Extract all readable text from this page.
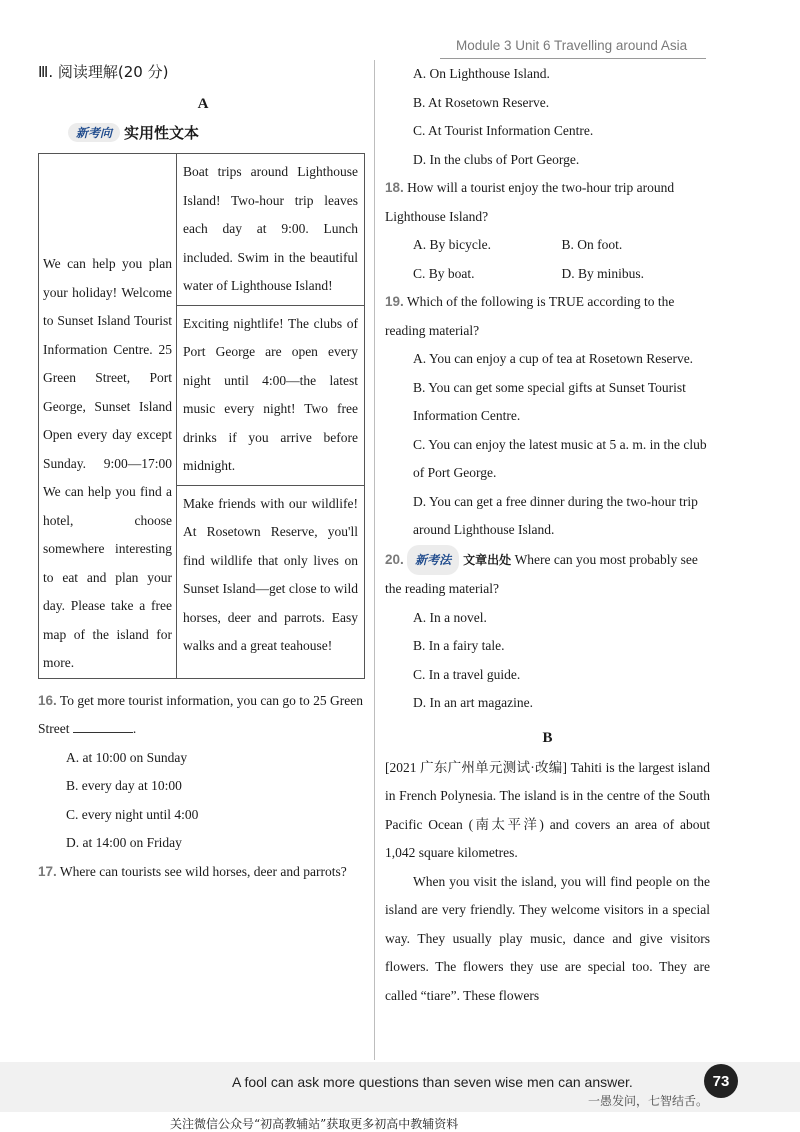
Module 3 Unit 6 Travelling around Asia

Ⅲ. 阅读理解(20 分)

A
新考向 实用性文本
We can help you plan your holiday! Welcome to Sunset Island Tourist Information Centre. 25 Green Street, Port George, Sunset Island Open every day except Sunday. 9:00—17:00 We can help you find a hotel, choose somewhere interesting to eat and plan your day. Please take a free map of the island for more.
Boat trips around Lighthouse Island! Two-hour trip leaves each day at 9:00. Lunch included. Swim in the beautiful water of Lighthouse Island!
Exciting nightlife! The clubs of Port George are open every night until 4:00—the latest music every night! Two free drinks if you arrive before midnight.
Make friends with our wildlife! At Rosetown Reserve, you'll find wildlife that only lives on Sunset Island—get close to wild horses, deer and parrots. Easy walks and a great teahouse!

16. To get more tourist information, you can go to 25 Green Street	.

A. at 10:00 on Sunday
B. every day at 10:00
C. every night until 4:00
D. at 14:00 on Friday

17. Where can tourists see wild horses, deer and parrots?

A. On Lighthouse Island.
B. At Rosetown Reserve.
C. At Tourist Information Centre.
D. In the clubs of Port George.

18. How will a tourist enjoy the two-hour trip around Lighthouse Island?

A. By bicycle.	B. On foot.
C. By boat.	D. By minibus.

19. Which of the following is TRUE according to the reading material?

A. You can enjoy a cup of tea at Rosetown Reserve.
B. You can get some special gifts at Sunset Tourist Information Centre.
C. You can enjoy the latest music at 5 a. m. in the club of Port George.
D. You can get a free dinner during the two-hour trip around Lighthouse Island.

20. 新考法 文章出处 Where can you most probably see the reading material?

A. In a novel.
B. In a fairy tale.
C. In a travel guide.
D. In an art magazine.
B

[2021 广东广州单元测试·改编] Tahiti is the largest island in French Polynesia. The island is in the centre of the South Pacific Ocean (南太平洋) and covers an area of about 1,042 square kilometres.

When you visit the island, you will find people on the island are very friendly. They welcome visitors in a special way. They usually play music, dance and give visitors flowers. The flowers they use are special too. They are called “tiare”. These flowers

A fool can ask more questions than seven wise men can answer.
一愚发问，七智结舌。
73
关注微信公众号“初高教辅站”获取更多初高中教辅资料
